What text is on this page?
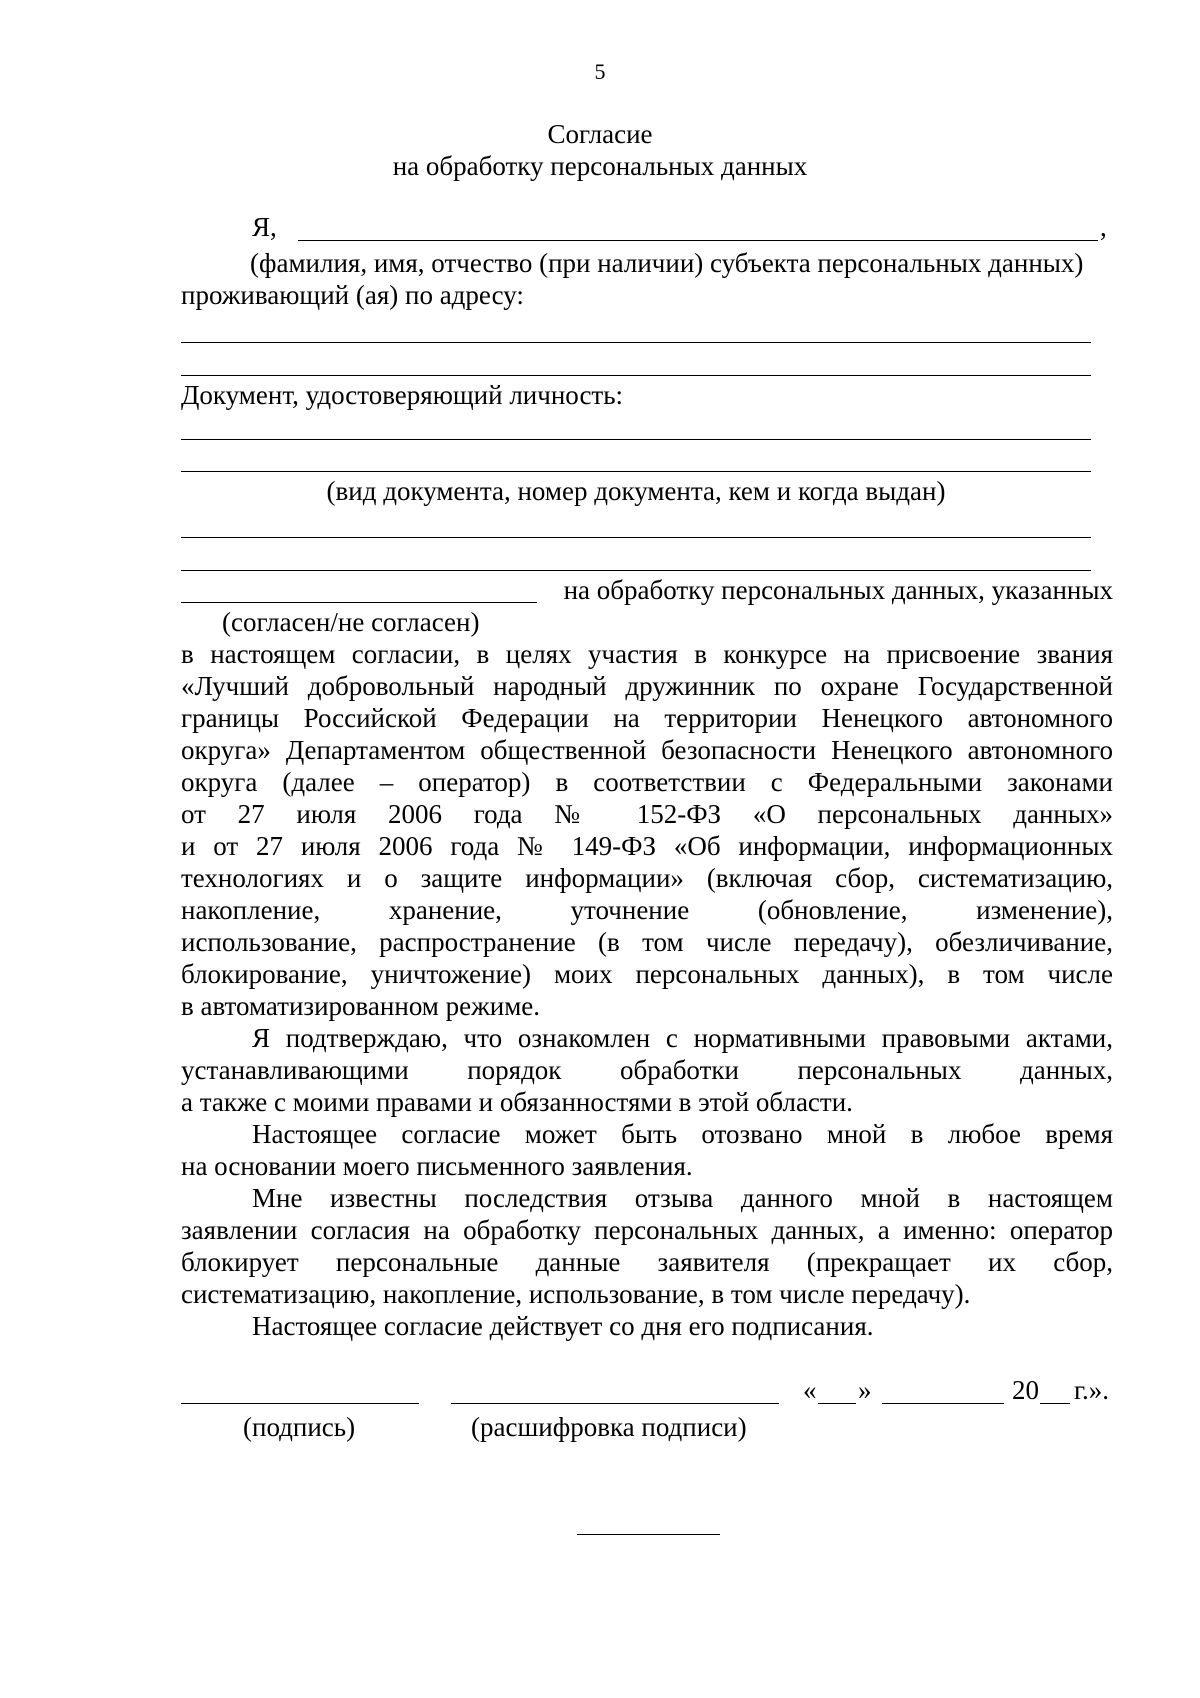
5
Согласие
на обработку персональных данных
Я,	,
(фамилия, имя, отчество (при наличии) субъекта персональных данных)
проживающий (ая) по адресу:
Документ, удостоверяющий личность:
(вид документа, номер документа, кем и когда выдан)
на обработку персональных данных, указанных
(согласен/не согласен)
в настоящем согласии, в целях участия в конкурсе на присвоение звания
«Лучший добровольный народный дружинник по охране Государственной
границы Российской Федерации на территории Ненецкого автономного
округа» Департаментом общественной безопасности Ненецкого автономного
округа (далее – оператор) в соответствии с Федеральными законами
от 27 июля 2006 года № 152-ФЗ «О персональных данных»
и от 27 июля 2006 года № 149-ФЗ «Об информации, информационных
технологиях и о защите информации» (включая сбор, систематизацию,
накопление, хранение, уточнение (обновление, изменение),
использование, распространение (в том числе передачу), обезличивание,
блокирование, уничтожение) моих персональных данных), в том числе
в автоматизированном режиме.
Я подтверждаю, что ознакомлен с нормативными правовыми актами,
устанавливающими порядок обработки персональных данных,
а также с моими правами и обязанностями в этой области.
Настоящее согласие может быть отозвано мной в любое время
на основании моего письменного заявления.
Мне известны последствия отзыва данного мной в настоящем
заявлении согласия на обработку персональных данных, а именно: оператор
блокирует персональные данные заявителя (прекращает их сбор,
систематизацию, накопление, использование, в том числе передачу).
Настоящее согласие действует со дня его подписания.
« »	20 г.».
(подпись)	(расшифровка подписи)
